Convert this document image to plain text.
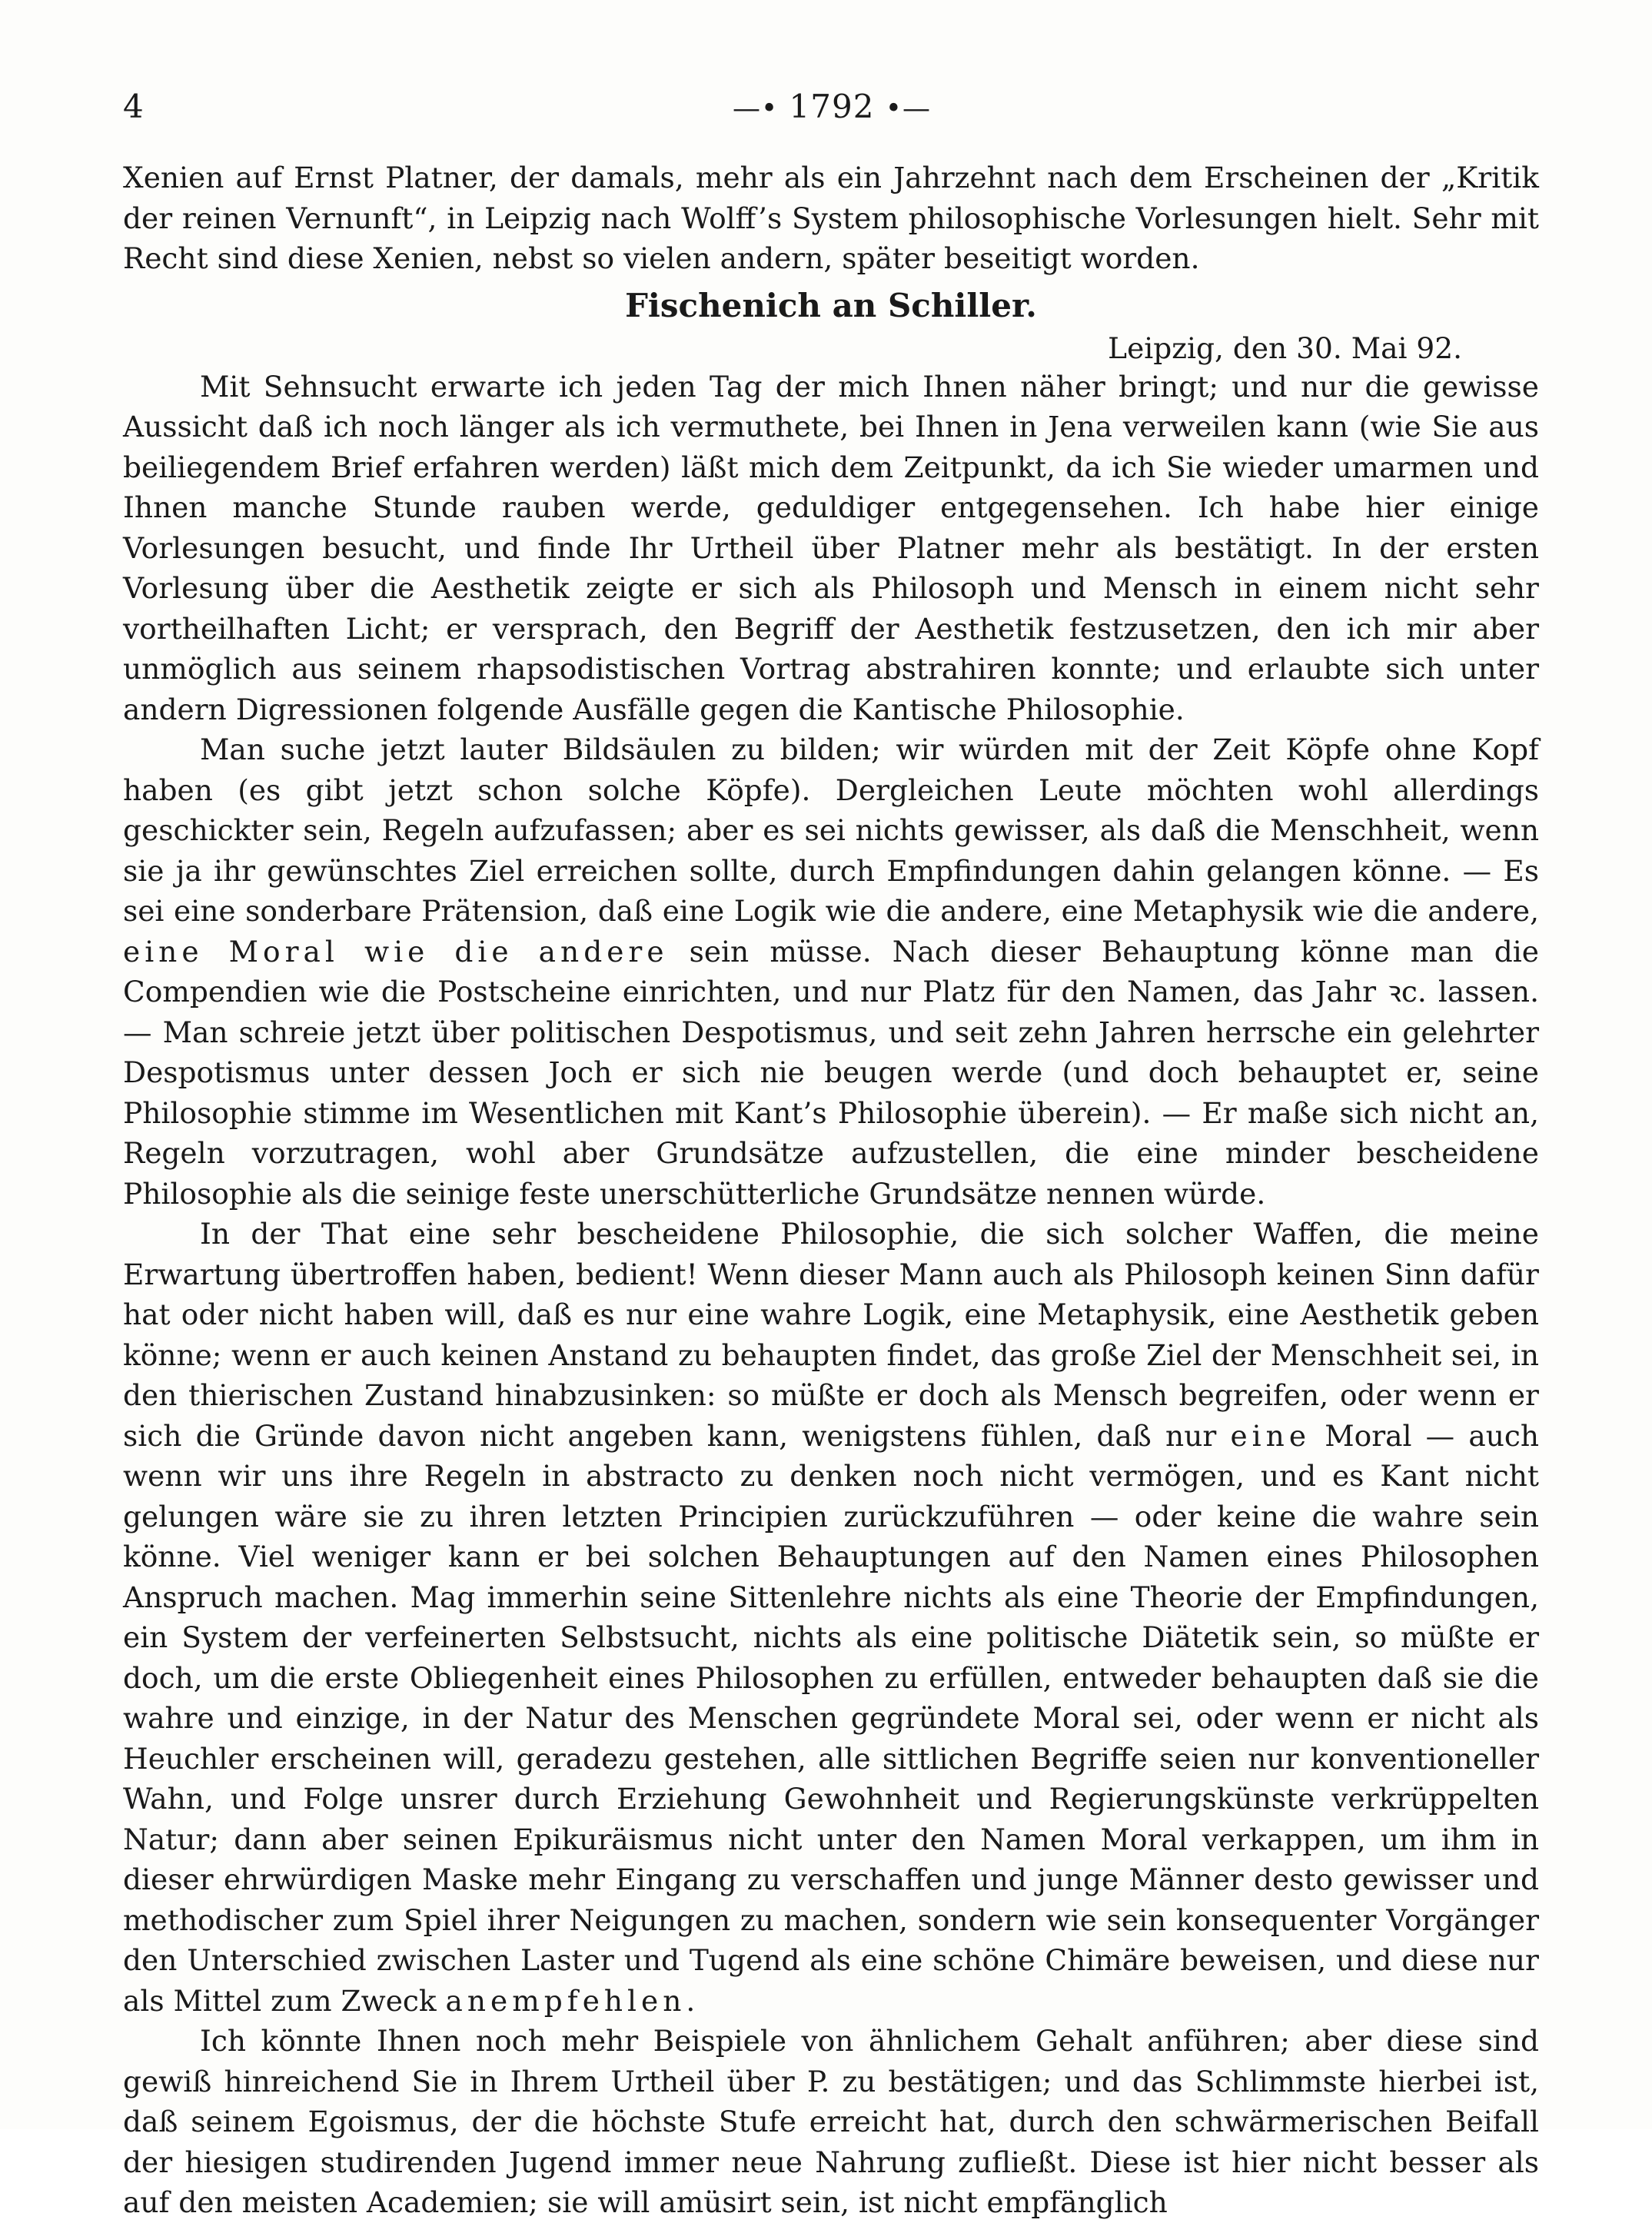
4	—• 1792 •—

Xenien auf Ernst Platner, der damals, mehr als ein Jahrzehnt nach dem Erscheinen der „Kritik der reinen Vernunft“, in Leipzig nach Wolff’s System philosophische Vorlesungen hielt. Sehr mit Recht sind diese Xenien, nebst so vielen andern, später beseitigt worden.

Fischenich an Schiller.

Leipzig, den 30. Mai 92.

Mit Sehnsucht erwarte ich jeden Tag der mich Ihnen näher bringt; und nur die gewisse Aussicht daß ich noch länger als ich vermuthete, bei Ihnen in Jena verweilen kann (wie Sie aus beiliegendem Brief erfahren werden) läßt mich dem Zeitpunkt, da ich Sie wieder umarmen und Ihnen manche Stunde rauben werde, geduldiger entgegensehen. Ich habe hier einige Vorlesungen besucht, und finde Ihr Urtheil über Platner mehr als bestätigt. In der ersten Vorlesung über die Aesthetik zeigte er sich als Philosoph und Mensch in einem nicht sehr vortheilhaften Licht; er versprach, den Begriff der Aesthetik festzusetzen, den ich mir aber unmöglich aus seinem rhapsodistischen Vortrag abstrahiren konnte; und erlaubte sich unter andern Digressionen folgende Ausfälle gegen die Kantische Philosophie.

Man suche jetzt lauter Bildsäulen zu bilden; wir würden mit der Zeit Köpfe ohne Kopf haben (es gibt jetzt schon solche Köpfe). Dergleichen Leute möchten wohl allerdings geschickter sein, Regeln aufzufassen; aber es sei nichts gewisser, als daß die Menschheit, wenn sie ja ihr gewünschtes Ziel erreichen sollte, durch Empfindungen dahin gelangen könne. — Es sei eine sonderbare Prätension, daß eine Logik wie die andere, eine Metaphysik wie die andere, eine Moral wie die andere sein müsse. Nach dieser Behauptung könne man die Compendien wie die Postscheine einrichten, und nur Platz für den Namen, das Jahr ꝛc. lassen. — Man schreie jetzt über politischen Despotismus, und seit zehn Jahren herrsche ein gelehrter Despotismus unter dessen Joch er sich nie beugen werde (und doch behauptet er, seine Philosophie stimme im Wesentlichen mit Kant’s Philosophie überein). — Er maße sich nicht an, Regeln vorzutragen, wohl aber Grundsätze aufzustellen, die eine minder bescheidene Philosophie als die seinige feste unerschütterliche Grundsätze nennen würde.

In der That eine sehr bescheidene Philosophie, die sich solcher Waffen, die meine Erwartung übertroffen haben, bedient! Wenn dieser Mann auch als Philosoph keinen Sinn dafür hat oder nicht haben will, daß es nur eine wahre Logik, eine Metaphysik, eine Aesthetik geben könne; wenn er auch keinen Anstand zu behaupten findet, das große Ziel der Menschheit sei, in den thierischen Zustand hinabzusinken: so müßte er doch als Mensch begreifen, oder wenn er sich die Gründe davon nicht angeben kann, wenigstens fühlen, daß nur eine Moral — auch wenn wir uns ihre Regeln in abstracto zu denken noch nicht vermögen, und es Kant nicht gelungen wäre sie zu ihren letzten Principien zurückzuführen — oder keine die wahre sein könne. Viel weniger kann er bei solchen Behauptungen auf den Namen eines Philosophen Anspruch machen. Mag immerhin seine Sittenlehre nichts als eine Theorie der Empfindungen, ein System der verfeinerten Selbstsucht, nichts als eine politische Diätetik sein, so müßte er doch, um die erste Obliegenheit eines Philosophen zu erfüllen, entweder behaupten daß sie die wahre und einzige, in der Natur des Menschen gegründete Moral sei, oder wenn er nicht als Heuchler erscheinen will, geradezu gestehen, alle sittlichen Begriffe seien nur konventioneller Wahn, und Folge unsrer durch Erziehung Gewohnheit und Regierungskünste verkrüppelten Natur; dann aber seinen Epikuräismus nicht unter den Namen Moral verkappen, um ihm in dieser ehrwürdigen Maske mehr Eingang zu verschaffen und junge Männer desto gewisser und methodischer zum Spiel ihrer Neigungen zu machen, sondern wie sein konsequenter Vorgänger den Unterschied zwischen Laster und Tugend als eine schöne Chimäre beweisen, und diese nur als Mittel zum Zweck anempfehlen.

Ich könnte Ihnen noch mehr Beispiele von ähnlichem Gehalt anführen; aber diese sind gewiß hinreichend Sie in Ihrem Urtheil über P. zu bestätigen; und das Schlimmste hierbei ist, daß seinem Egoismus, der die höchste Stufe erreicht hat, durch den schwärmerischen Beifall der hiesigen studirenden Jugend immer neue Nahrung zufließt. Diese ist hier nicht besser als auf den meisten Academien; sie will amüsirt sein, ist nicht empfänglich
